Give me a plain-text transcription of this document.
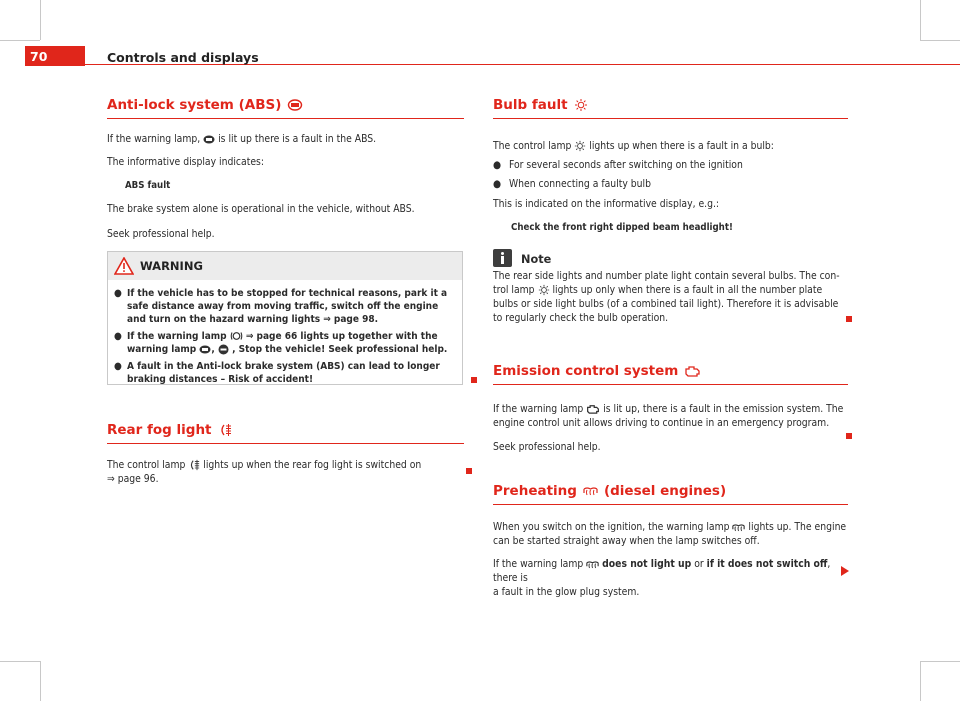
70	Controls and displays
Anti-lock system (ABS)

If the warning lamp, is lit up there is a fault in the ABS.

The informative display indicates:

ABS fault

The brake system alone is operational in the vehicle, without ABS.

Seek professional help.

WARNING
● If the vehicle has to be stopped for technical reasons, park it a safe distance away from moving traffic, switch off the engine and turn on the hazard warning lights ⇒ page 98.
● If the warning lamp ⇒ page 66 lights up together with the warning lamp ,  , Stop the vehicle! Seek professional help.
● A fault in the Anti-lock brake system (ABS) can lead to longer braking distances – Risk of accident!
Rear fog light

The control lamp lights up when the rear fog light is switched on
⇒ page 96.

Bulb fault

The control lamp lights up when there is a fault in a bulb:

● For several seconds after switching on the ignition
● When connecting a faulty bulb

This is indicated on the informative display, e.g.:

Check the front right dipped beam headlight!

Note

The rear side lights and number plate light contain several bulbs. The con-

trol lamp lights up only when there is a fault in all the number plate

bulbs or side light bulbs (of a combined tail light). Therefore it is advisable

to regularly check the bulb operation.

Emission control system

If the warning lamp is lit up, there is a fault in the emission system. The
engine control unit allows driving to continue in an emergency program.

Seek professional help.

Preheating (diesel engines)

When you switch on the ignition, the warning lamp lights up. The engine
can be started straight away when the lamp switches off.

If the warning lamp does not light up or if it does not switch off, there is
a fault in the glow plug system.
